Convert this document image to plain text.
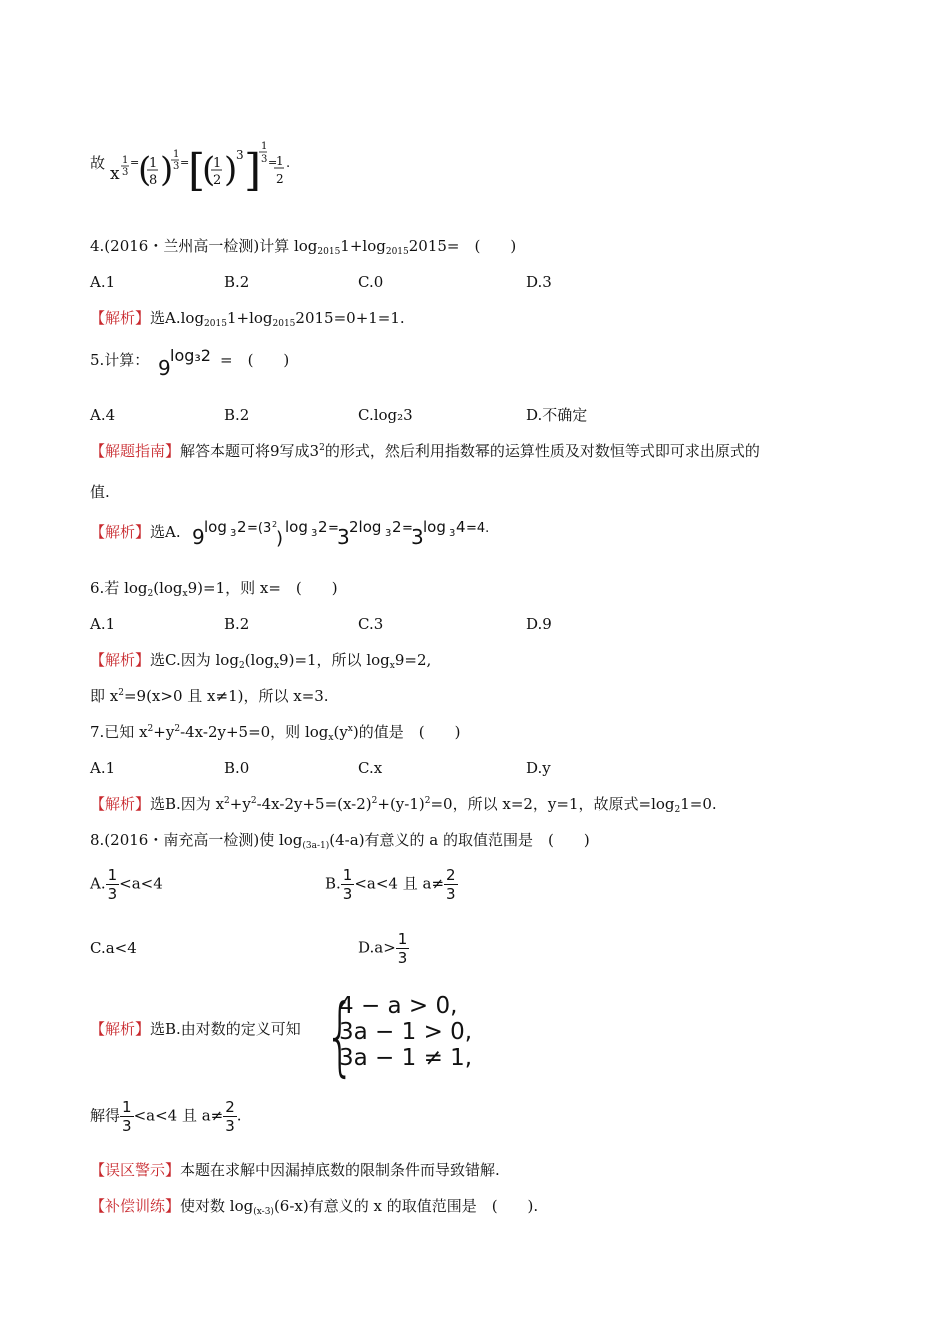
故
x
1
3
=
(
1
8 ) 1
3 =
[
(
1
2 )
3 ] 1
3 =
1
2
.
4.(2016・兰州高一检测)计算 $\log_{2015}1+\log_{2015}2015=$　(　　)
A.1	B.2	C.0	D.3
【解析】选$A.\log_{2015}1+\log_{2015}2015=0+1=1$.
5.计算： 9
log₃2 =　(　　)
A.4	B.2	C.log₂3	D.不确定
【解题指南】解答本题可将9写成$3^2$的形式，然后利用指数幂的运算性质及对数恒等式即可求出原式的
值.
【解析】选A. 9 log 3 2 =(3 2
)
log 3 2 =
3 2log 3 2 =
3 log 3 4 =4.
6.若 $\log_2(\log_x9)=1$，则 x=　(　　)
A.1	B.2	C.3	D.9
【解析】选C.因为 $\log_2(\log_x9)=1$，所以 $\log_x9=2$,
即 $x^2=9(x>0$ 且 x≠1)，所以 x=3.
7.已知 $x^2+y^2-4x-2y+5=0$，则 $\log_x(y^x)$的值是　(　　)
A.1	B.0	C.x	D.y
【解析】选B.因为 $x^2+y^2-4x-2y+5=(x-2)^2+(y-1)^2=0$，所以 x=2，y=1，故原式$=\log_21=0$.
8.(2016・南充高一检测)使 $\log_{(3a-1)}(4-a)$有意义的 a 的取值范围是　(　　)
A. $\frac{1}{3} <a<4$	B. $\frac{1}{3} <a<4$ 且 $a\ne \frac{2}{3}$
C.a<4	$D.a> \frac{1}{3}$
【解析】选B.由对数的定义可知 {
4 − a > 0,
3a − 1 > 0,
3a − 1 ≠ 1,
解得 $\frac{1}{3} <a<4$ 且 $a\ne \frac{2}{3}$ .
【误区警示】本题在求解中因漏掉底数的限制条件而导致错解.
【补偿训练】使对数 $\log_{(x-3)}(6-x)$有意义的 x 的取值范围是　(　　).
